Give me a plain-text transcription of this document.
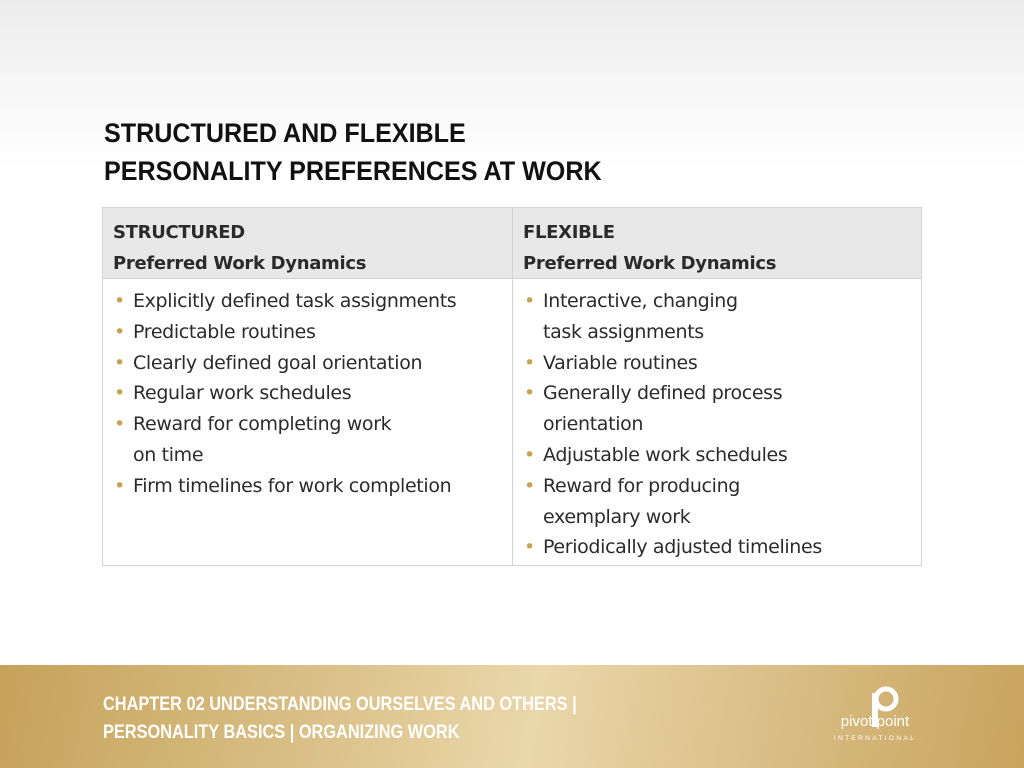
STRUCTURED AND FLEXIBLE
PERSONALITY PREFERENCES AT WORK
STRUCTURED
Preferred Work Dynamics
FLEXIBLE
Preferred Work Dynamics
• Explicitly defined task assignments
• Predictable routines
• Clearly defined goal orientation
• Regular work schedules
• Reward for completing work
on time
• Firm timelines for work completion
• Interactive, changing
task assignments
• Variable routines
• Generally defined process
orientation
• Adjustable work schedules
• Reward for producing
exemplary work
• Periodically adjusted timelines
CHAPTER 02 UNDERSTANDING OURSELVES AND OTHERS |
PERSONALITY BASICS | ORGANIZING WORK
pivot point
INTERNATIONAL
